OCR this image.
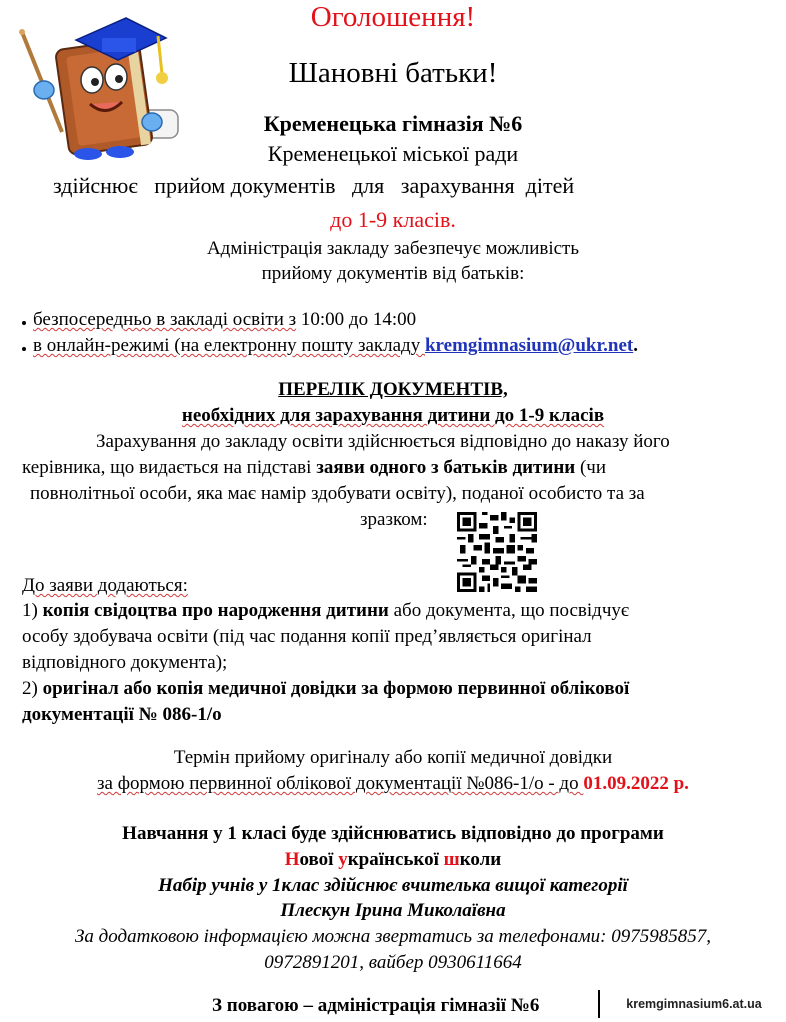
Оголошення!
Шановні батьки!
Кременецька гімназія №6
Кременецької міської ради
здійснює   прийом документів   для   зарахування  дітей
до 1-9 класів.
Адміністрація закладу забезпечує можливість
прийому документів від батьків:
безпосередньо в закладі освіти з 10:00 до 14:00
в онлайн-режимі (на електронну пошту закладу kremgimnasium@ukr.net.
ПЕРЕЛІК ДОКУМЕНТІВ,
необхідних для зарахування дитини до 1-9 класів
Зарахування до закладу освіти здійснюється відповідно до наказу його
керівника, що видається на підставі заяви одного з батьків дитини (чи
повнолітньої особи, яка має намір здобувати освіту), поданої особисто та за
зразком:
До заяви додаються:
1) копія свідоцтва про народження дитини або документа, що посвідчує
особу здобувача освіти (під час подання копії пред’являється оригінал
відповідного документа);
2) оригінал або копія медичної довідки за формою первинної облікової
документації № 086-1/о
Термін прийому оригіналу або копії медичної довідки
за формою первинної облікової документації №086-1/о - до 01.09.2022 р.
Навчання у 1 класі буде здійснюватись відповідно до програми
Нової української школи
Набір учнів у 1клас здійснює вчителька вищої категорії
Плескун Ірина Миколаївна
За додатковою інформацією можна звертатись за телефонами: 0975985857,
0972891201, вайбер 0930611664
З повагою – адміністрація гімназії №6	kremgimnasium6.at.ua
